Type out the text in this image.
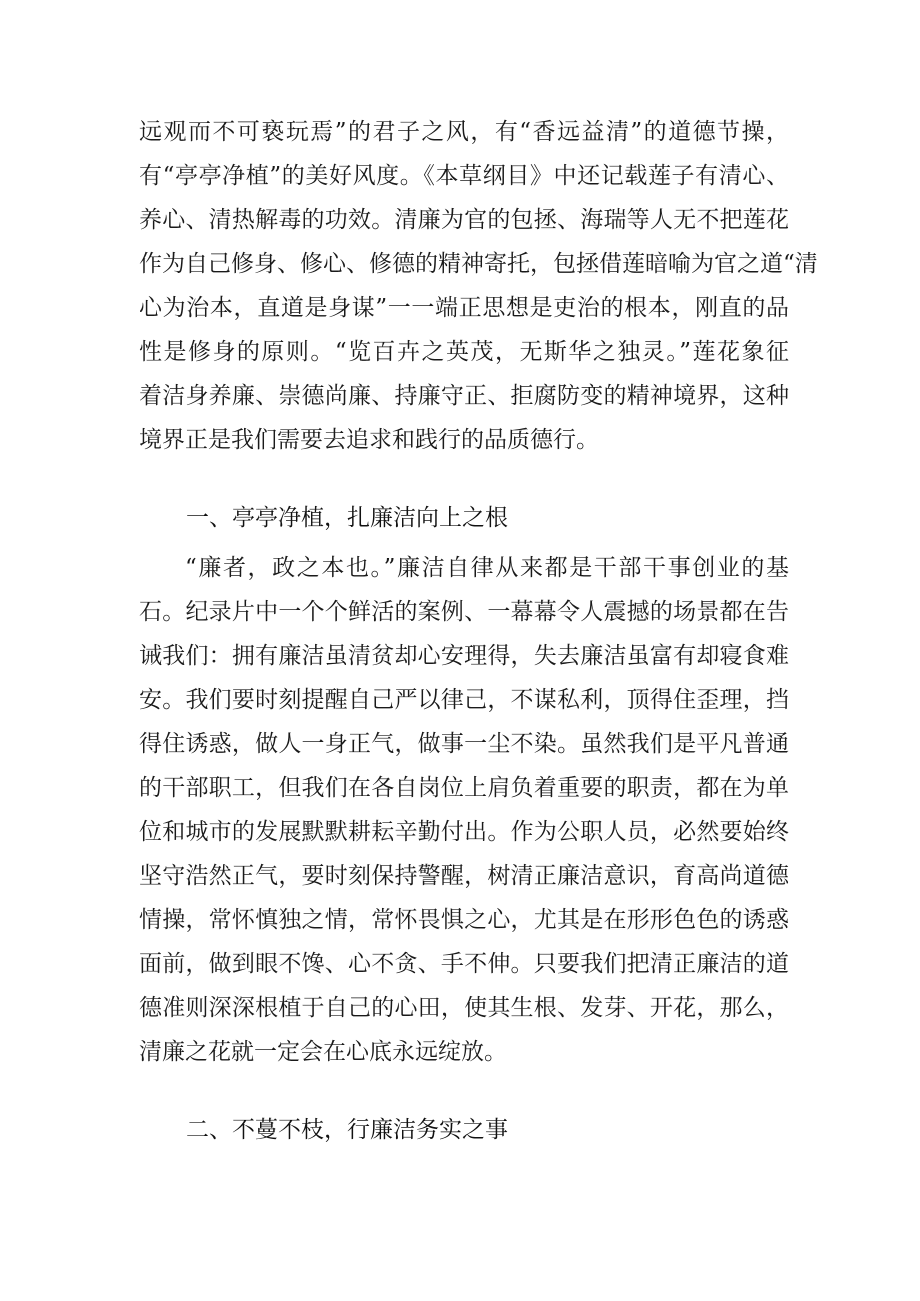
远观而不可亵玩焉”的君子之风，有“香远益清”的道德节操，
有“亭亭净植”的美好风度。《本草纲目》中还记载莲子有清心、
养心、清热解毒的功效。清廉为官的包拯、海瑞等人无不把莲花
作为自己修身、修心、修德的精神寄托，包拯借莲暗喻为官之道“清
心为治本，直道是身谋”一一端正思想是吏治的根本，刚直的品
性是修身的原则。“览百卉之英茂，无斯华之独灵。”莲花象征
着洁身养廉、崇德尚廉、持廉守正、拒腐防变的精神境界，这种
境界正是我们需要去追求和践行的品质德行。
一、亭亭净植，扎廉洁向上之根
“廉者，政之本也。”廉洁自律从来都是干部干事创业的基
石。纪录片中一个个鲜活的案例、一幕幕令人震撼的场景都在告
诫我们：拥有廉洁虽清贫却心安理得，失去廉洁虽富有却寝食难
安。我们要时刻提醒自己严以律己，不谋私利，顶得住歪理，挡
得住诱惑，做人一身正气，做事一尘不染。虽然我们是平凡普通
的干部职工，但我们在各自岗位上肩负着重要的职责，都在为单
位和城市的发展默默耕耘辛勤付出。作为公职人员，必然要始终
坚守浩然正气，要时刻保持警醒，树清正廉洁意识，育高尚道德
情操，常怀慎独之情，常怀畏惧之心，尤其是在形形色色的诱惑
面前，做到眼不馋、心不贪、手不伸。只要我们把清正廉洁的道
德准则深深根植于自己的心田，使其生根、发芽、开花，那么，
清廉之花就一定会在心底永远绽放。
二、不蔓不枝，行廉洁务实之事
